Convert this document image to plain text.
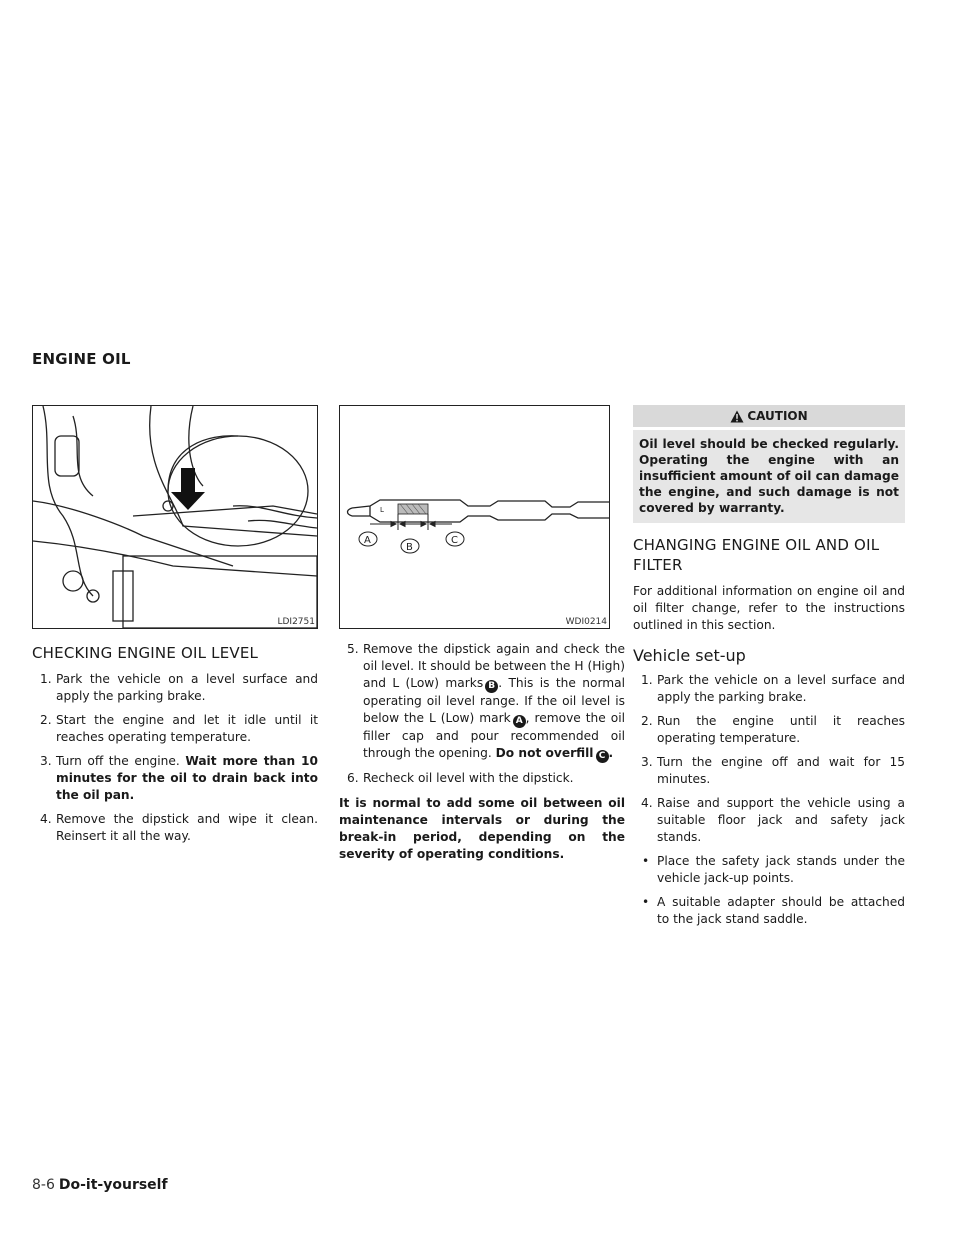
ENGINE OIL
LDI2751
CHECKING ENGINE OIL LEVEL
1. Park the vehicle on a level surface and apply the parking brake.
2. Start the engine and let it idle until it reaches operating temperature.
3. Turn off the engine. Wait more than 10 minutes for the oil to drain back into the oil pan.
4. Remove the dipstick and wipe it clean. Reinsert it all the way.
L
A
B
C
WDI0214
5. Remove the dipstick again and check the oil level. It should be between the H (High) and L (Low) marks B . This is the normal operating oil level range. If the oil level is below the L (Low) mark A , remove the oil filler cap and pour recommended oil through the opening. Do not overfill C .
6. Recheck oil level with the dipstick.
It is normal to add some oil between oil maintenance intervals or during the break-in period, depending on the severity of operating conditions.
CAUTION
Oil level should be checked regularly. Operating the engine with an insufficient amount of oil can damage the engine, and such damage is not covered by warranty.
CHANGING ENGINE OIL AND OIL FILTER
For additional information on engine oil and oil filter change, refer to the instructions outlined in this section.
Vehicle set-up
1. Park the vehicle on a level surface and apply the parking brake.
2. Run the engine until it reaches operating temperature.
3. Turn the engine off and wait for 15 minutes.
4. Raise and support the vehicle using a suitable floor jack and safety jack stands.
• Place the safety jack stands under the vehicle jack-up points.
• A suitable adapter should be attached to the jack stand saddle.
8-6 Do-it-yourself
